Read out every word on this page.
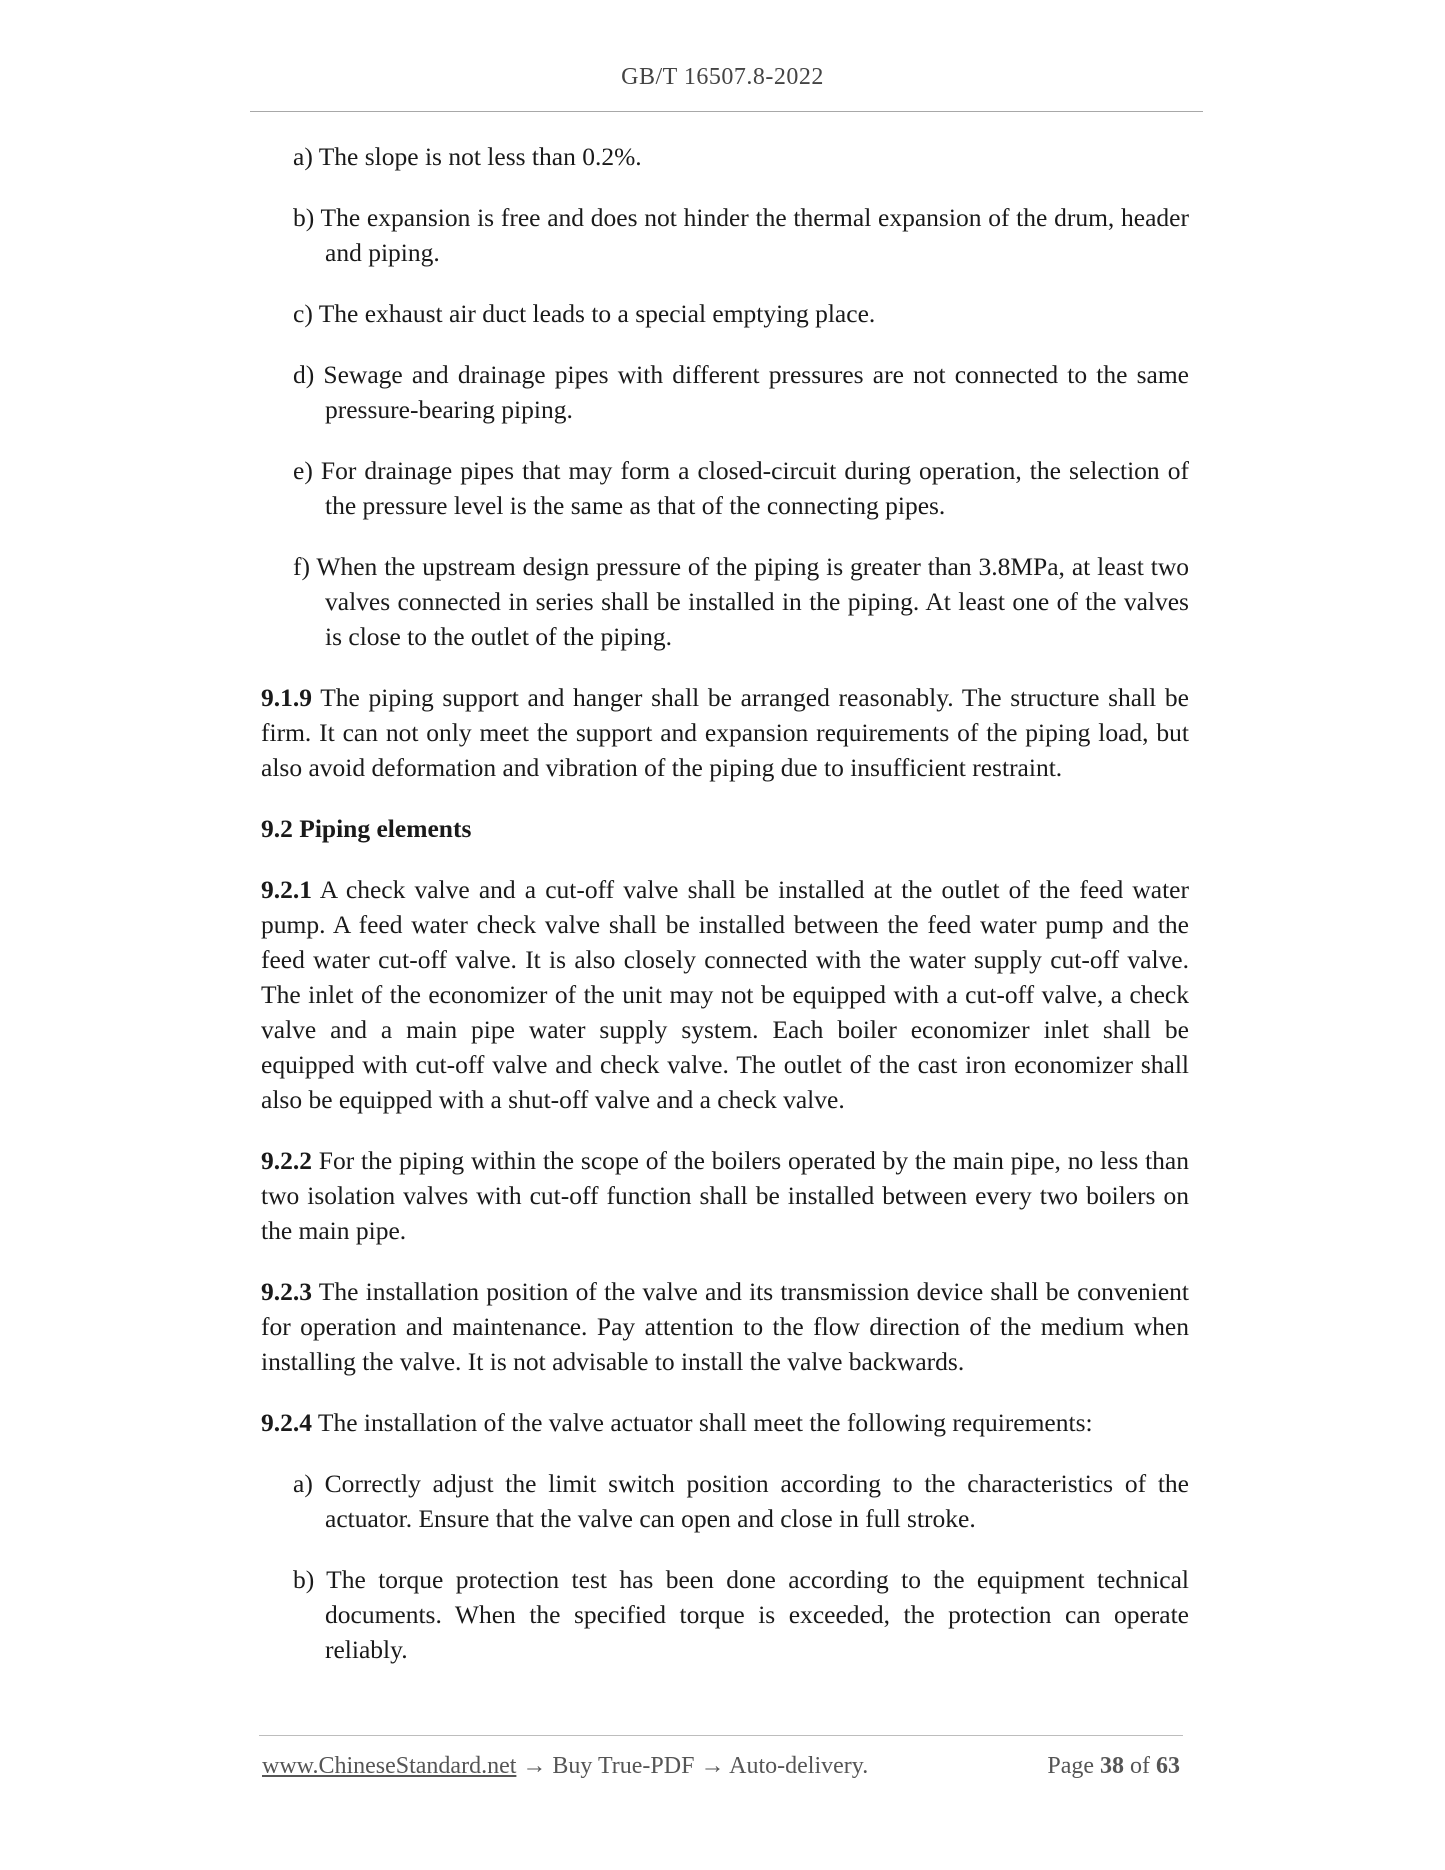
GB/T 16507.8-2022
a) The slope is not less than 0.2%.
b) The expansion is free and does not hinder the thermal expansion of the drum, header and piping.
c) The exhaust air duct leads to a special emptying place.
d) Sewage and drainage pipes with different pressures are not connected to the same pressure-bearing piping.
e) For drainage pipes that may form a closed-circuit during operation, the selection of the pressure level is the same as that of the connecting pipes.
f) When the upstream design pressure of the piping is greater than 3.8MPa, at least two valves connected in series shall be installed in the piping. At least one of the valves is close to the outlet of the piping.
9.1.9 The piping support and hanger shall be arranged reasonably. The structure shall be firm. It can not only meet the support and expansion requirements of the piping load, but also avoid deformation and vibration of the piping due to insufficient restraint.
9.2 Piping elements
9.2.1 A check valve and a cut-off valve shall be installed at the outlet of the feed water pump. A feed water check valve shall be installed between the feed water pump and the feed water cut-off valve. It is also closely connected with the water supply cut-off valve. The inlet of the economizer of the unit may not be equipped with a cut-off valve, a check valve and a main pipe water supply system. Each boiler economizer inlet shall be equipped with cut-off valve and check valve. The outlet of the cast iron economizer shall also be equipped with a shut-off valve and a check valve.
9.2.2 For the piping within the scope of the boilers operated by the main pipe, no less than two isolation valves with cut-off function shall be installed between every two boilers on the main pipe.
9.2.3 The installation position of the valve and its transmission device shall be convenient for operation and maintenance. Pay attention to the flow direction of the medium when installing the valve. It is not advisable to install the valve backwards.
9.2.4 The installation of the valve actuator shall meet the following requirements:
a) Correctly adjust the limit switch position according to the characteristics of the actuator. Ensure that the valve can open and close in full stroke.
b) The torque protection test has been done according to the equipment technical documents. When the specified torque is exceeded, the protection can operate reliably.
www.ChineseStandard.net → Buy True-PDF → Auto-delivery.	Page 38 of 63
